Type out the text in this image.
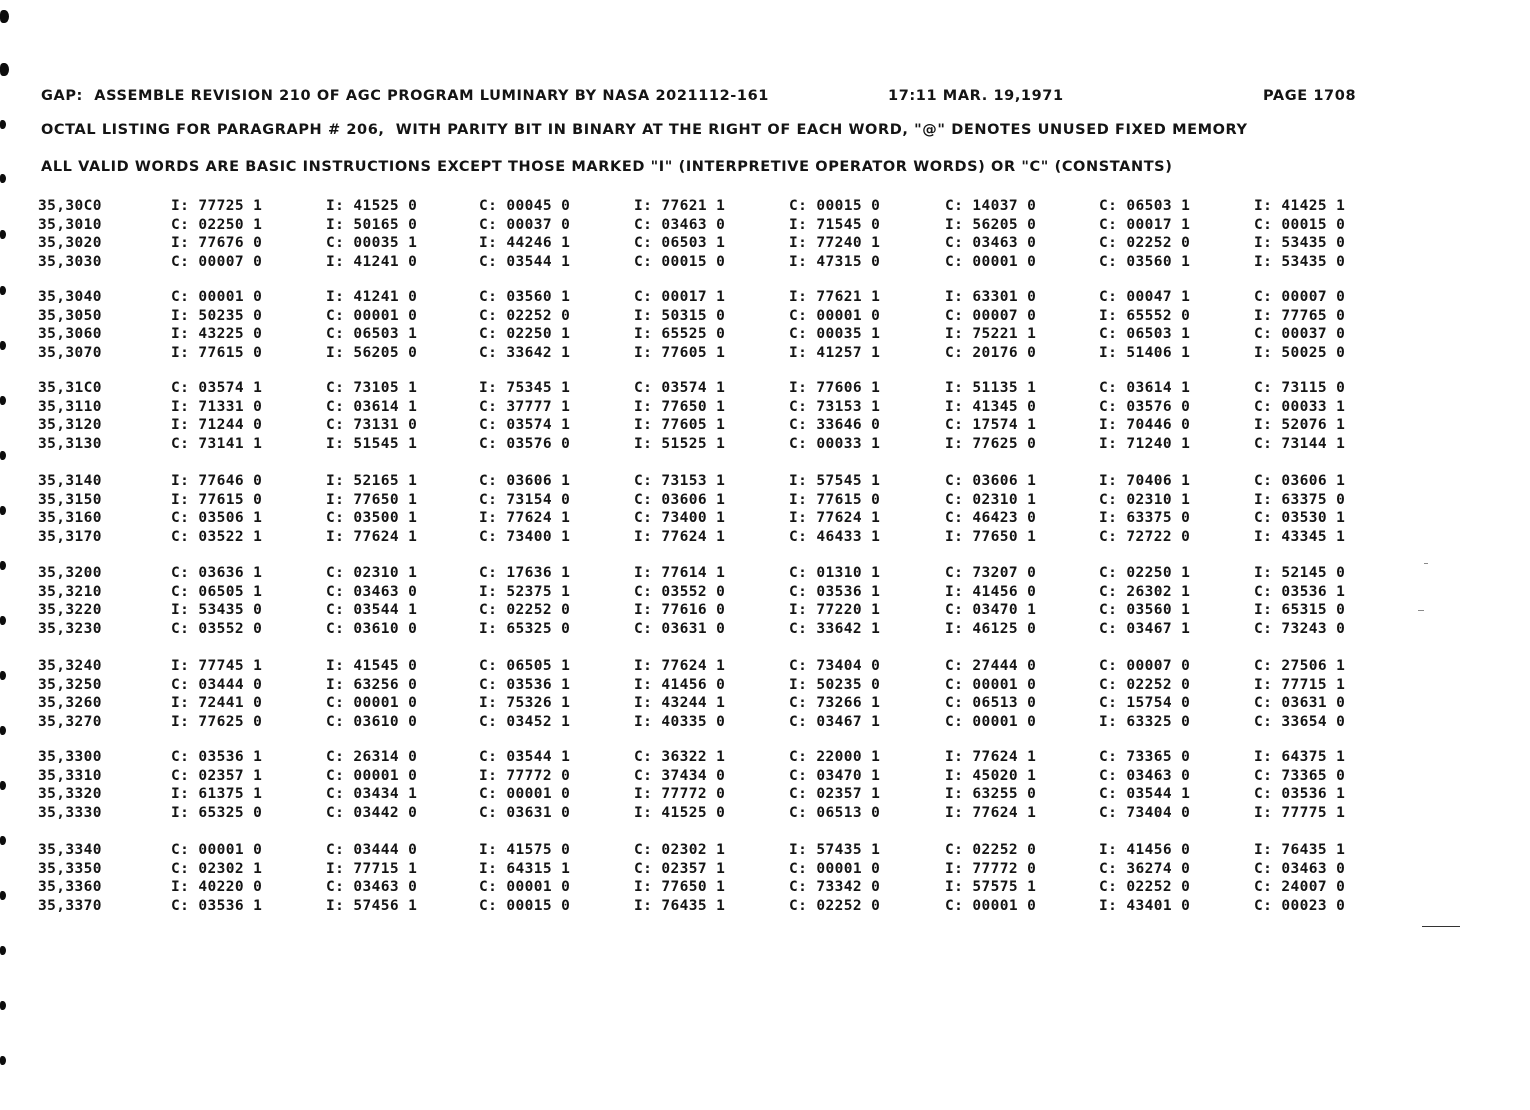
GAP:  ASSEMBLE REVISION 210 OF AGC PROGRAM LUMINARY BY NASA 2021112-161	17:11 MAR. 19,1971	PAGE 1708
OCTAL LISTING FOR PARAGRAPH # 206,  WITH PARITY BIT IN BINARY AT THE RIGHT OF EACH WORD, "@" DENOTES UNUSED FIXED MEMORY
ALL VALID WORDS ARE BASIC INSTRUCTIONS EXCEPT THOSE MARKED "I" (INTERPRETIVE OPERATOR WORDS) OR "C" (CONSTANTS)
35,30C0	I: 77725 1	I: 41525 0	C: 00045 0	I: 77621 1	C: 00015 0	C: 14037 0	C: 06503 1	I: 41425 1
35,3010	C: 02250 1	I: 50165 0	C: 00037 0	C: 03463 0	I: 71545 0	I: 56205 0	C: 00017 1	C: 00015 0
35,3020	I: 77676 0	C: 00035 1	I: 44246 1	C: 06503 1	I: 77240 1	C: 03463 0	C: 02252 0	I: 53435 0
35,3030	C: 00007 0	I: 41241 0	C: 03544 1	C: 00015 0	I: 47315 0	C: 00001 0	C: 03560 1	I: 53435 0
35,3040	C: 00001 0	I: 41241 0	C: 03560 1	C: 00017 1	I: 77621 1	I: 63301 0	C: 00047 1	C: 00007 0
35,3050	I: 50235 0	C: 00001 0	C: 02252 0	I: 50315 0	C: 00001 0	C: 00007 0	I: 65552 0	I: 77765 0
35,3060	I: 43225 0	C: 06503 1	C: 02250 1	I: 65525 0	C: 00035 1	I: 75221 1	C: 06503 1	C: 00037 0
35,3070	I: 77615 0	I: 56205 0	C: 33642 1	I: 77605 1	I: 41257 1	C: 20176 0	I: 51406 1	I: 50025 0
35,31C0	C: 03574 1	C: 73105 1	I: 75345 1	C: 03574 1	I: 77606 1	I: 51135 1	C: 03614 1	C: 73115 0
35,3110	I: 71331 0	C: 03614 1	C: 37777 1	I: 77650 1	C: 73153 1	I: 41345 0	C: 03576 0	C: 00033 1
35,3120	I: 71244 0	C: 73131 0	C: 03574 1	I: 77605 1	C: 33646 0	C: 17574 1	I: 70446 0	I: 52076 1
35,3130	C: 73141 1	I: 51545 1	C: 03576 0	I: 51525 1	C: 00033 1	I: 77625 0	I: 71240 1	C: 73144 1
35,3140	I: 77646 0	I: 52165 1	C: 03606 1	C: 73153 1	I: 57545 1	C: 03606 1	I: 70406 1	C: 03606 1
35,3150	I: 77615 0	I: 77650 1	C: 73154 0	C: 03606 1	I: 77615 0	C: 02310 1	C: 02310 1	I: 63375 0
35,3160	C: 03506 1	C: 03500 1	I: 77624 1	C: 73400 1	I: 77624 1	C: 46423 0	I: 63375 0	C: 03530 1
35,3170	C: 03522 1	I: 77624 1	C: 73400 1	I: 77624 1	C: 46433 1	I: 77650 1	C: 72722 0	I: 43345 1
35,3200	C: 03636 1	C: 02310 1	C: 17636 1	I: 77614 1	C: 01310 1	C: 73207 0	C: 02250 1	I: 52145 0
35,3210	C: 06505 1	C: 03463 0	I: 52375 1	C: 03552 0	C: 03536 1	I: 41456 0	C: 26302 1	C: 03536 1
35,3220	I: 53435 0	C: 03544 1	C: 02252 0	I: 77616 0	I: 77220 1	C: 03470 1	C: 03560 1	I: 65315 0
35,3230	C: 03552 0	C: 03610 0	I: 65325 0	C: 03631 0	C: 33642 1	I: 46125 0	C: 03467 1	C: 73243 0
35,3240	I: 77745 1	I: 41545 0	C: 06505 1	I: 77624 1	C: 73404 0	C: 27444 0	C: 00007 0	C: 27506 1
35,3250	C: 03444 0	I: 63256 0	C: 03536 1	I: 41456 0	I: 50235 0	C: 00001 0	C: 02252 0	I: 77715 1
35,3260	I: 72441 0	C: 00001 0	I: 75326 1	I: 43244 1	C: 73266 1	C: 06513 0	C: 15754 0	C: 03631 0
35,3270	I: 77625 0	C: 03610 0	C: 03452 1	I: 40335 0	C: 03467 1	C: 00001 0	I: 63325 0	C: 33654 0
35,3300	C: 03536 1	C: 26314 0	C: 03544 1	C: 36322 1	C: 22000 1	I: 77624 1	C: 73365 0	I: 64375 1
35,3310	C: 02357 1	C: 00001 0	I: 77772 0	C: 37434 0	C: 03470 1	I: 45020 1	C: 03463 0	C: 73365 0
35,3320	I: 61375 1	C: 03434 1	C: 00001 0	I: 77772 0	C: 02357 1	I: 63255 0	C: 03544 1	C: 03536 1
35,3330	I: 65325 0	C: 03442 0	C: 03631 0	I: 41525 0	C: 06513 0	I: 77624 1	C: 73404 0	I: 77775 1
35,3340	C: 00001 0	C: 03444 0	I: 41575 0	C: 02302 1	I: 57435 1	C: 02252 0	I: 41456 0	I: 76435 1
35,3350	C: 02302 1	I: 77715 1	I: 64315 1	C: 02357 1	C: 00001 0	I: 77772 0	C: 36274 0	C: 03463 0
35,3360	I: 40220 0	C: 03463 0	C: 00001 0	I: 77650 1	C: 73342 0	I: 57575 1	C: 02252 0	C: 24007 0
35,3370	C: 03536 1	I: 57456 1	C: 00015 0	I: 76435 1	C: 02252 0	C: 00001 0	I: 43401 0	C: 00023 0
